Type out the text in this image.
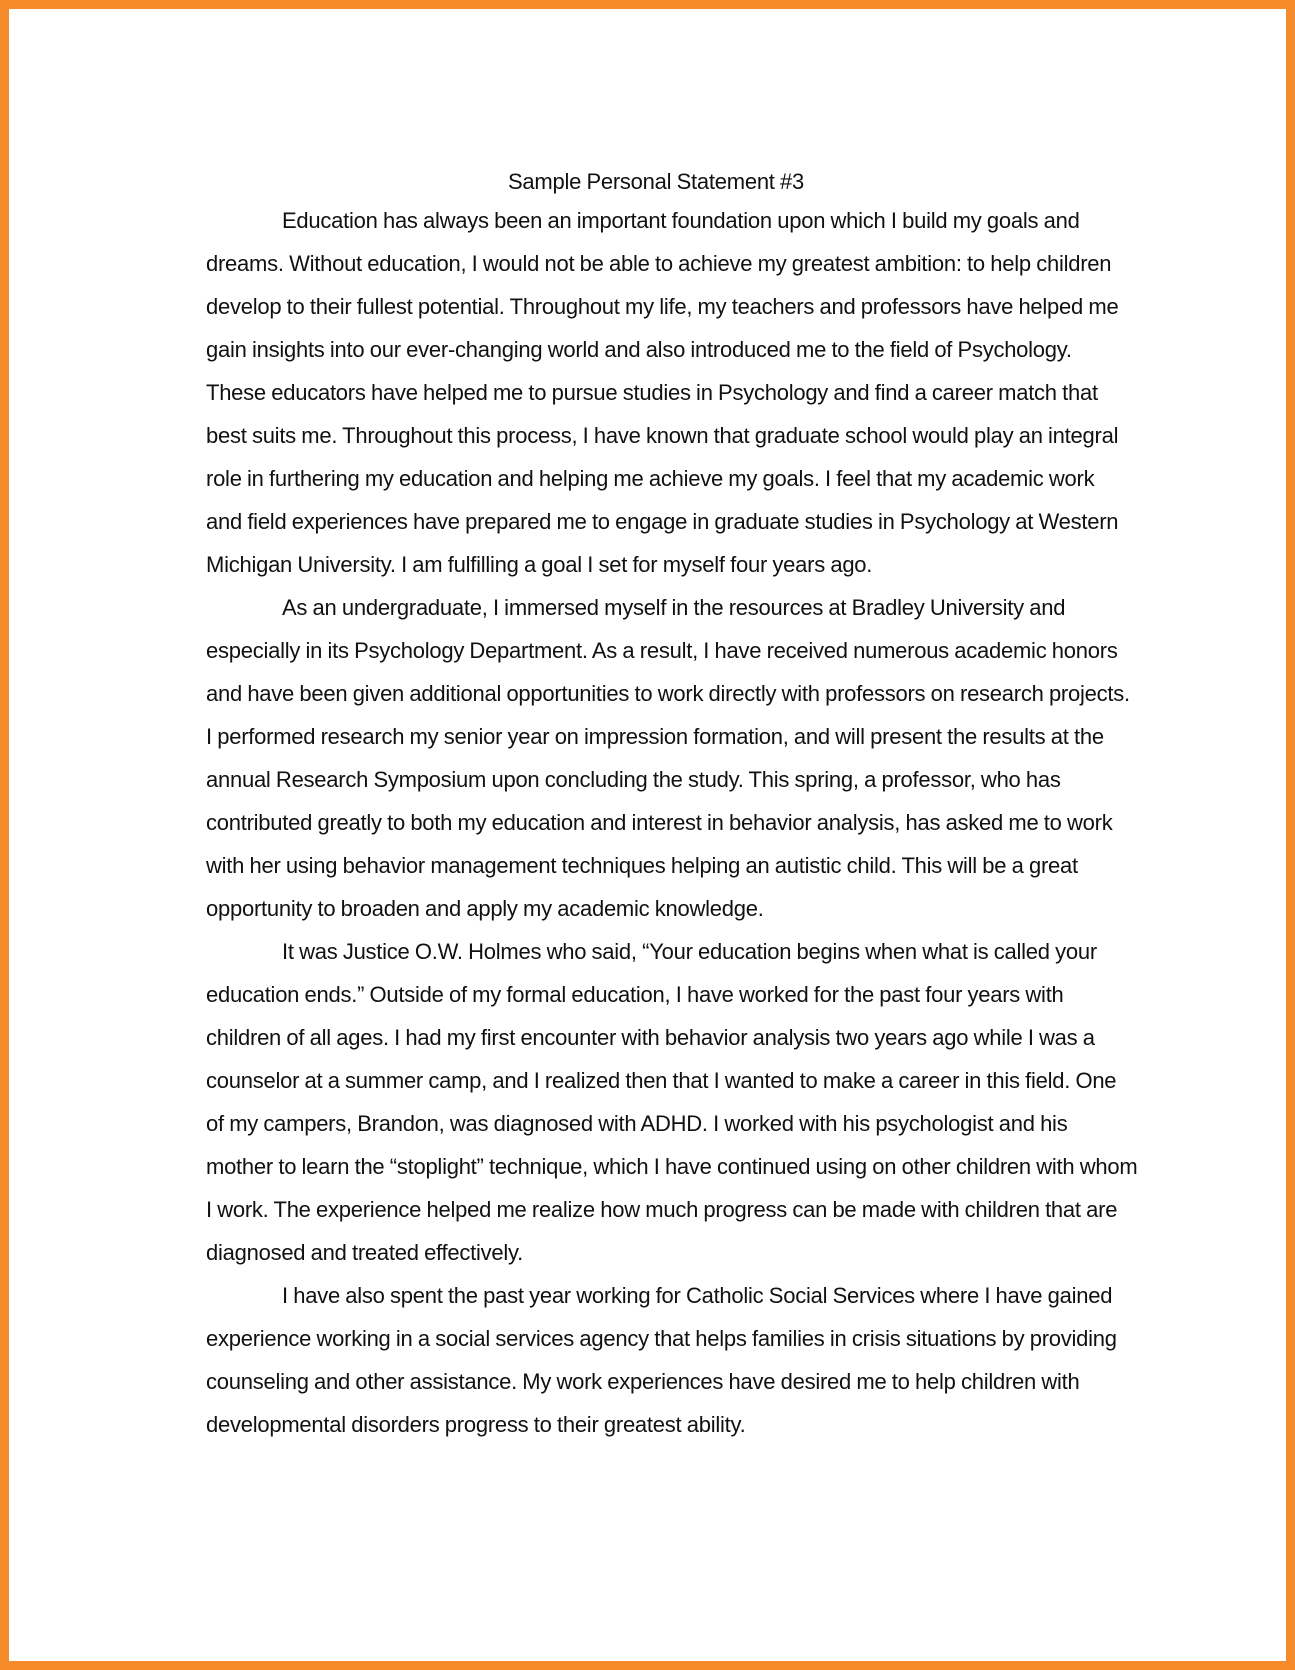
Sample Personal Statement #3
Education has always been an important foundation upon which I build my goals and
dreams. Without education, I would not be able to achieve my greatest ambition: to help children
develop to their fullest potential. Throughout my life, my teachers and professors have helped me
gain insights into our ever-changing world and also introduced me to the field of Psychology.
These educators have helped me to pursue studies in Psychology and find a career match that
best suits me. Throughout this process, I have known that graduate school would play an integral
role in furthering my education and helping me achieve my goals. I feel that my academic work
and field experiences have prepared me to engage in graduate studies in Psychology at Western
Michigan University. I am fulfilling a goal I set for myself four years ago.
As an undergraduate, I immersed myself in the resources at Bradley University and
especially in its Psychology Department. As a result, I have received numerous academic honors
and have been given additional opportunities to work directly with professors on research projects.
I performed research my senior year on impression formation, and will present the results at the
annual Research Symposium upon concluding the study. This spring, a professor, who has
contributed greatly to both my education and interest in behavior analysis, has asked me to work
with her using behavior management techniques helping an autistic child. This will be a great
opportunity to broaden and apply my academic knowledge.
It was Justice O.W. Holmes who said, “Your education begins when what is called your
education ends.” Outside of my formal education, I have worked for the past four years with
children of all ages. I had my first encounter with behavior analysis two years ago while I was a
counselor at a summer camp, and I realized then that I wanted to make a career in this field. One
of my campers, Brandon, was diagnosed with ADHD. I worked with his psychologist and his
mother to learn the “stoplight” technique, which I have continued using on other children with whom
I work. The experience helped me realize how much progress can be made with children that are
diagnosed and treated effectively.
I have also spent the past year working for Catholic Social Services where I have gained
experience working in a social services agency that helps families in crisis situations by providing
counseling and other assistance. My work experiences have desired me to help children with
developmental disorders progress to their greatest ability.
